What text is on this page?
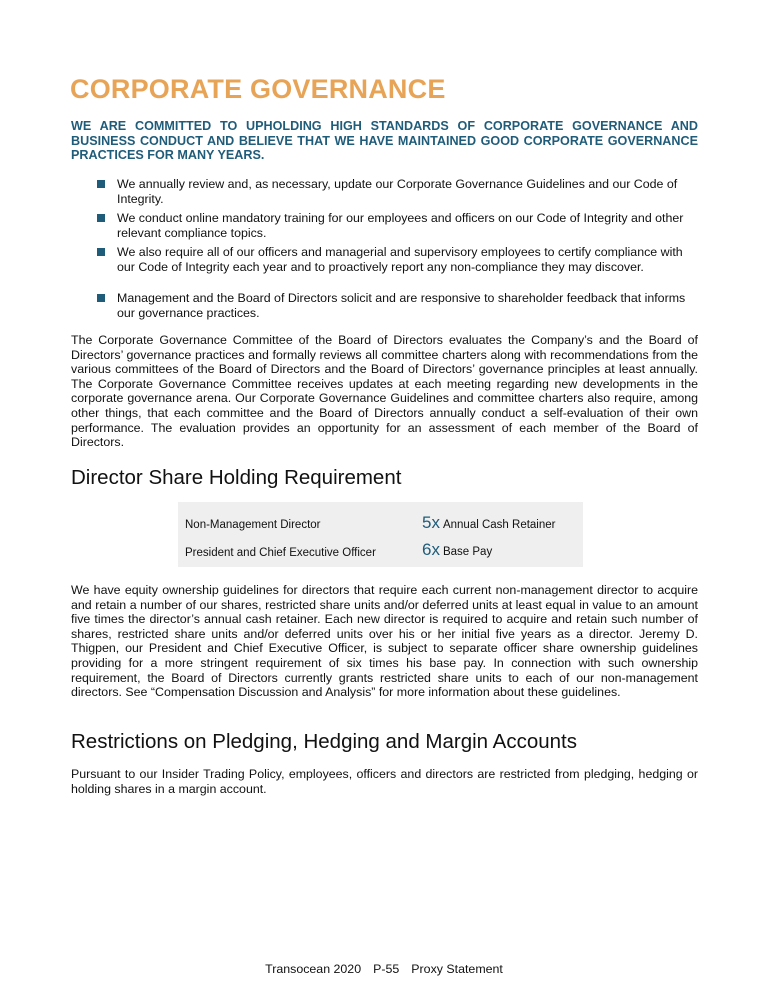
CORPORATE GOVERNANCE
WE ARE COMMITTED TO UPHOLDING HIGH STANDARDS OF CORPORATE GOVERNANCE AND BUSINESS CONDUCT AND BELIEVE THAT WE HAVE MAINTAINED GOOD CORPORATE GOVERNANCE PRACTICES FOR MANY YEARS.
We annually review and, as necessary, update our Corporate Governance Guidelines and our Code of Integrity.
We conduct online mandatory training for our employees and officers on our Code of Integrity and other relevant compliance topics.
We also require all of our officers and managerial and supervisory employees to certify compliance with our Code of Integrity each year and to proactively report any non-compliance they may discover.
Management and the Board of Directors solicit and are responsive to shareholder feedback that informs our governance practices.
The Corporate Governance Committee of the Board of Directors evaluates the Company’s and the Board of Directors’ governance practices and formally reviews all committee charters along with recommendations from the various committees of the Board of Directors and the Board of Directors’ governance principles at least annually. The Corporate Governance Committee receives updates at each meeting regarding new developments in the corporate governance arena. Our Corporate Governance Guidelines and committee charters also require, among other things, that each committee and the Board of Directors annually conduct a self-evaluation of their own performance. The evaluation provides an opportunity for an assessment of each member of the Board of Directors.
Director Share Holding Requirement
Non-Management Director	5x Annual Cash Retainer
President and Chief Executive Officer	6x Base Pay
We have equity ownership guidelines for directors that require each current non-management director to acquire and retain a number of our shares, restricted share units and/or deferred units at least equal in value to an amount five times the director’s annual cash retainer. Each new director is required to acquire and retain such number of shares, restricted share units and/or deferred units over his or her initial five years as a director. Jeremy D. Thigpen, our President and Chief Executive Officer, is subject to separate officer share ownership guidelines providing for a more stringent requirement of six times his base pay. In connection with such ownership requirement, the Board of Directors currently grants restricted share units to each of our non-management directors. See “Compensation Discussion and Analysis” for more information about these guidelines.
Restrictions on Pledging, Hedging and Margin Accounts
Pursuant to our Insider Trading Policy, employees, officers and directors are restricted from pledging, hedging or holding shares in a margin account.
Transocean 2020 P-55 Proxy Statement
